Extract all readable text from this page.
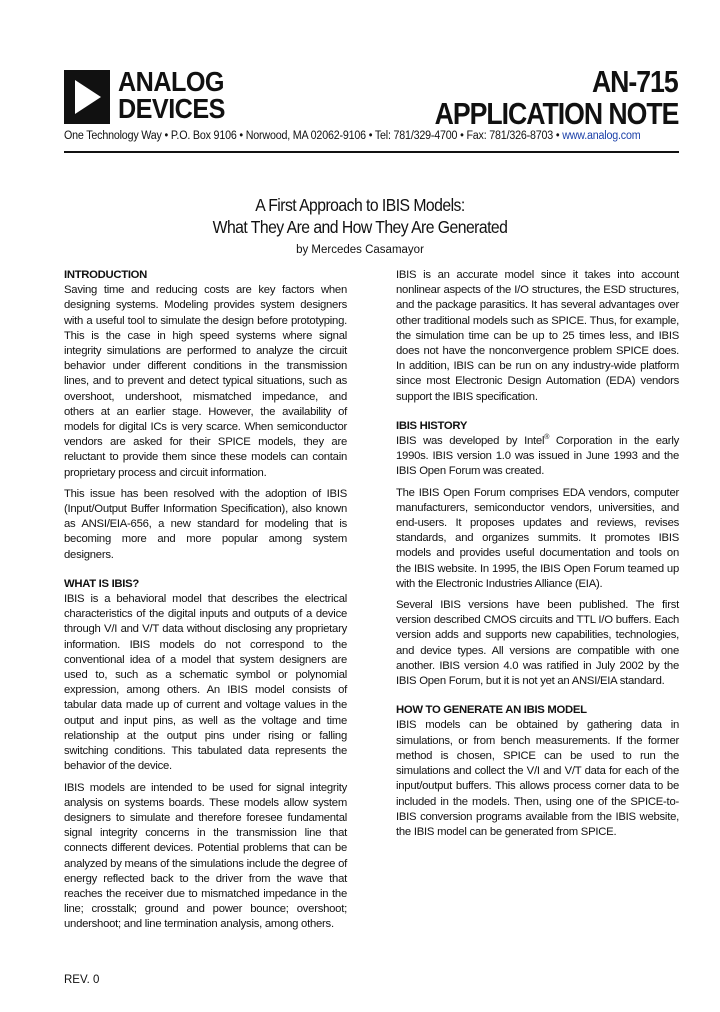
ANALOG
DEVICES
AN-715
APPLICATION NOTE
One Technology Way • P.O. Box 9106 • Norwood, MA 02062-9106 • Tel: 781/329-4700 • Fax: 781/326-8703 • www.analog.com
A First Approach to IBIS Models:
What They Are and How They Are Generated
by Mercedes Casamayor
INTRODUCTION

Saving time and reducing costs are key factors when designing systems. Modeling provides system designers with a useful tool to simulate the design before prototyping. This is the case in high speed systems where signal integrity simulations are performed to analyze the circuit behavior under different conditions in the transmission lines, and to prevent and detect typical situations, such as overshoot, undershoot, mismatched impedance, and others at an earlier stage. However, the availability of models for digital ICs is very scarce. When semiconductor vendors are asked for their SPICE models, they are reluctant to provide them since these models can contain proprietary process and circuit information.

This issue has been resolved with the adoption of IBIS (Input/Output Buffer Information Specification), also known as ANSI/EIA-656, a new standard for modeling that is becoming more and more popular among system designers.

WHAT IS IBIS?

IBIS is a behavioral model that describes the electrical characteristics of the digital inputs and outputs of a device through V/I and V/T data without disclosing any proprietary information. IBIS models do not correspond to the conventional idea of a model that system designers are used to, such as a schematic symbol or polynomial expression, among others. An IBIS model consists of tabular data made up of current and voltage values in the output and input pins, as well as the voltage and time relationship at the output pins under rising or falling switching conditions. This tabulated data represents the behavior of the device.

IBIS models are intended to be used for signal integrity analysis on systems boards. These models allow system designers to simulate and therefore foresee fundamental signal integrity concerns in the transmission line that connects different devices. Potential problems that can be analyzed by means of the simulations include the degree of energy reflected back to the driver from the wave that reaches the receiver due to mismatched impedance in the line; crosstalk; ground and power bounce; overshoot; undershoot; and line termination analysis, among others.

IBIS is an accurate model since it takes into account nonlinear aspects of the I/O structures, the ESD structures, and the package parasitics. It has several advantages over other traditional models such as SPICE. Thus, for example, the simulation time can be up to 25 times less, and IBIS does not have the nonconvergence problem SPICE does. In addition, IBIS can be run on any industry-wide platform since most Electronic Design Automation (EDA) vendors support the IBIS specification.

IBIS HISTORY

IBIS was developed by Intel® Corporation in the early 1990s. IBIS version 1.0 was issued in June 1993 and the IBIS Open Forum was created.

The IBIS Open Forum comprises EDA vendors, computer manufacturers, semiconductor vendors, universities, and end-users. It proposes updates and reviews, revises standards, and organizes summits. It promotes IBIS models and provides useful documentation and tools on the IBIS website. In 1995, the IBIS Open Forum teamed up with the Electronic Industries Alliance (EIA).

Several IBIS versions have been published. The first version described CMOS circuits and TTL I/O buffers. Each version adds and supports new capabilities, technologies, and device types. All versions are compatible with one another. IBIS version 4.0 was ratified in July 2002 by the IBIS Open Forum, but it is not yet an ANSI/EIA standard.

HOW TO GENERATE AN IBIS MODEL

IBIS models can be obtained by gathering data in simulations, or from bench measurements. If the former method is chosen, SPICE can be used to run the simulations and collect the V/I and V/T data for each of the input/output buffers. This allows process corner data to be included in the models. Then, using one of the SPICE-to-IBIS conversion programs available from the IBIS website, the IBIS model can be generated from SPICE.

REV. 0
